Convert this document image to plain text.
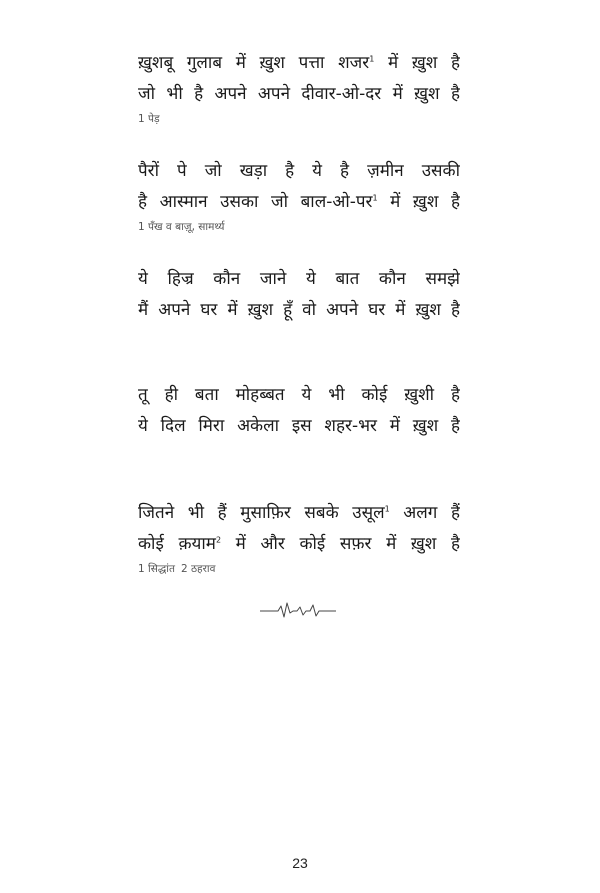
ख़ुशबू गुलाब में ख़ुश पत्ता शजर$^1$ में ख़ुश है
जो भी है अपने अपने दीवार-ओ-दर में ख़ुश है
1 पेड़
पैरों पे जो खड़ा है ये है ज़मीन उसकी
है आस्मान उसका जो बाल-ओ-पर$^1$ में ख़ुश है
1 पँख व बाज़ू, सामर्थ्य
ये हिज्र कौन जाने ये बात कौन समझे
मैं अपने घर में ख़ुश हूँ वो अपने घर में ख़ुश है
तू ही बता मोहब्बत ये भी कोई ख़ुशी है
ये दिल मिरा अकेला इस शहर-भर में ख़ुश है
जितने भी हैं मुसाफ़िर सबके उसूल$^1$ अलग हैं
कोई क़याम$^2$ में और कोई सफ़र में ख़ुश है
1 सिद्धांत 2 ठहराव
23
